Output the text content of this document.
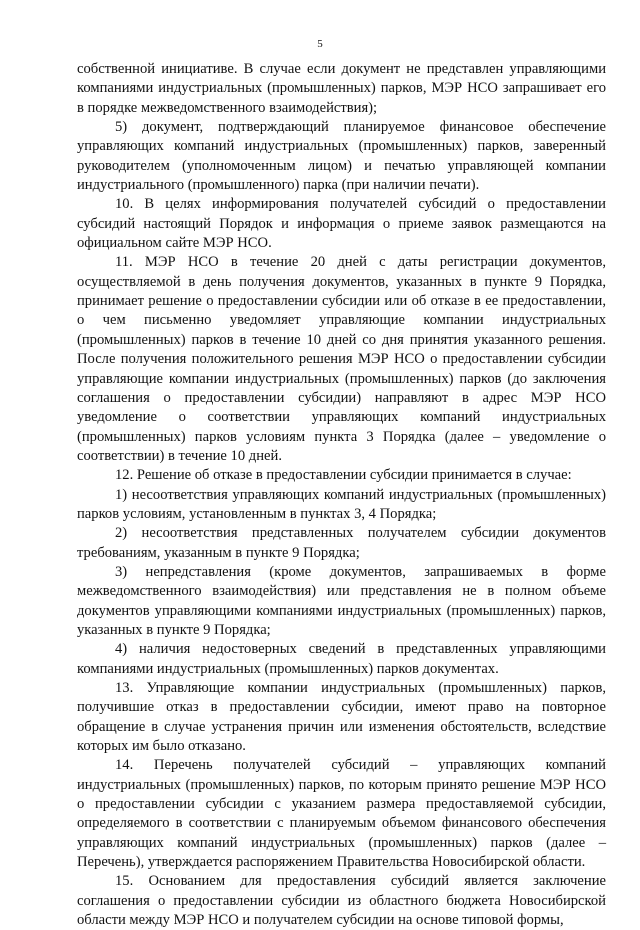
5

собственной инициативе. В случае если документ не представлен управляющими компаниями индустриальных (промышленных) парков, МЭР НСО запрашивает его в порядке межведомственного взаимодействия);

5) документ, подтверждающий планируемое финансовое обеспечение управляющих компаний индустриальных (промышленных) парков, заверенный руководителем (уполномоченным лицом) и печатью управляющей компании индустриального (промышленного) парка (при наличии печати).

10. В целях информирования получателей субсидий о предоставлении субсидий настоящий Порядок и информация о приеме заявок размещаются на официальном сайте МЭР НСО.

11. МЭР НСО в течение 20 дней с даты регистрации документов, осуществляемой в день получения документов, указанных в пункте 9 Порядка, принимает решение о предоставлении субсидии или об отказе в ее предоставлении, о чем письменно уведомляет управляющие компании индустриальных (промышленных) парков в течение 10 дней со дня принятия указанного решения. После получения положительного решения МЭР НСО о предоставлении субсидии управляющие компании индустриальных (промышленных) парков (до заключения соглашения о предоставлении субсидии) направляют в адрес МЭР НСО уведомление о соответствии управляющих компаний индустриальных (промышленных) парков условиям пункта 3 Порядка (далее – уведомление о соответствии) в течение 10 дней.

12. Решение об отказе в предоставлении субсидии принимается в случае:

1) несоответствия управляющих компаний индустриальных (промышленных) парков условиям, установленным в пунктах 3, 4 Порядка;

2) несоответствия представленных получателем субсидии документов требованиям, указанным в пункте 9 Порядка;

3) непредставления (кроме документов, запрашиваемых в форме межведомственного взаимодействия) или представления не в полном объеме документов управляющими компаниями индустриальных (промышленных) парков, указанных в пункте 9 Порядка;

4) наличия недостоверных сведений в представленных управляющими компаниями индустриальных (промышленных) парков документах.

13. Управляющие компании индустриальных (промышленных) парков, получившие отказ в предоставлении субсидии, имеют право на повторное обращение в случае устранения причин или изменения обстоятельств, вследствие которых им было отказано.

14. Перечень получателей субсидий – управляющих компаний индустриальных (промышленных) парков, по которым принято решение МЭР НСО о предоставлении субсидии с указанием размера предоставляемой субсидии, определяемого в соответствии с планируемым объемом финансового обеспечения управляющих компаний индустриальных (промышленных) парков (далее – Перечень), утверждается распоряжением Правительства Новосибирской области.

15. Основанием для предоставления субсидий является заключение соглашения о предоставлении субсидии из областного бюджета Новосибирской области между МЭР НСО и получателем субсидии на основе типовой формы,
